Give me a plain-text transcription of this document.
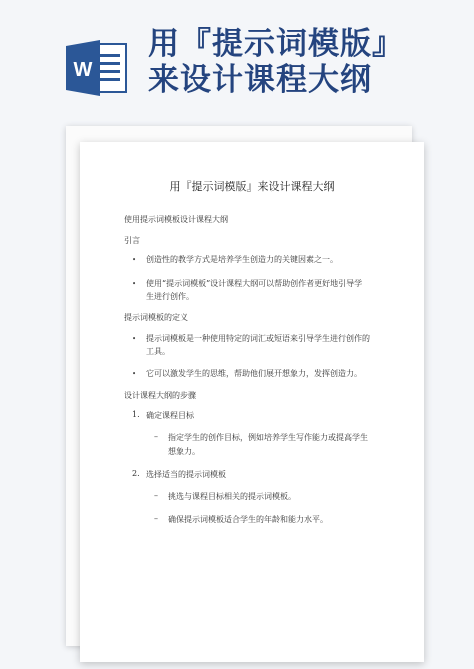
W
用『提示词模版』
来设计课程大纲
用『提示词模版』来设计课程大纲
使用提示词模板设计课程大纲
引言
• 创造性的教学方式是培养学生创造力的关键因素之一。
• 使用“提示词模板”设计课程大纲可以帮助创作者更好地引导学
生进行创作。
提示词模板的定义
• 提示词模板是一种使用特定的词汇或短语来引导学生进行创作的
工具。
• 它可以激发学生的思维，帮助他们展开想象力，发挥创造力。
设计课程大纲的步骤
1. 确定课程目标
– 指定学生的创作目标，例如培养学生写作能力或提高学生
想象力。
2. 选择适当的提示词模板
– 挑选与课程目标相关的提示词模板。
– 确保提示词模板适合学生的年龄和能力水平。
